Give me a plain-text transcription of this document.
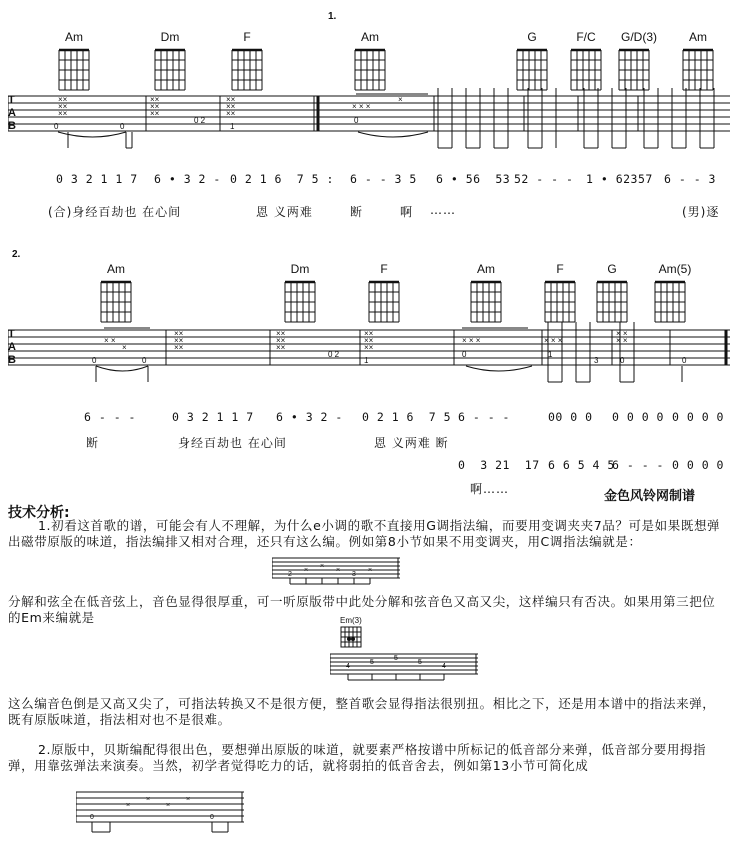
1.
2.
Am	Dm	F	Am	G	F/C	G/D(3)	Am
××
××
××
××
××
××
××
××
××
× × ×
×
0	0
0 2
1
0
T
A
B
0 3 2 1 1 7 6 • 3 2 - 0 2 1 6  7 5 : 6 - - 3 5 6 • 56  53 52 - - - 1 • 62357 6 - - 3
(合)身经百劫也 在心间	恩 义两难	断	啊 ……	(男)逐
Am	Dm	F	Am	F	G	Am(5)
× ×
×
××
××
××
××
××
××
××
××
××
× × ×	× × ×
× ×
× ×
0	0
0 2
1
0	1
3	0	0
T
A
B
6 - - -	0 3 2 1 1 7 6 • 3 2 - 0 2 1 6  7 5 6 - - -	00 0 0 0 0 0 0 0 0 0 0
断	身经百劫也 在心间	恩 义两难 断
0  3 21  17 6 6 5 4 5
6 - - - 0 0 0 0
啊……	金色风铃网制谱
技术分析:
1.初看这首歌的谱，可能会有人不理解，为什么e小调的歌不直接用G调指法编，而要用变调夹夹7品？可是如果既想弹出磁带原版的味道，指法编排又相对合理，还只有这么编。例如第8小节如果不用变调夹，用C调指法编就是：
2
×
×
×
3
×
分解和弦全在低音弦上，音色显得很厚重，可一听原版带中此处分解和弦音色又高又尖，这样编只有否决。如果用第三把位的Em来编就是	Em(3)
4
5
5
5
4
这么编音色倒是又高又尖了，可指法转换又不是很方便，整首歌会显得指法很别扭。相比之下，还是用本谱中的指法来弹，既有原版味道，指法相对也不是很难。
2.原版中，贝斯编配得很出色，要想弹出原版的味道，就要素严格按谱中所标记的低音部分来弹，低音部分要用拇指弹，用靠弦弹法来演奏。当然，初学者觉得吃力的话，就将弱拍的低音舍去，例如第13小节可简化成
0
×
×
×
×
0
